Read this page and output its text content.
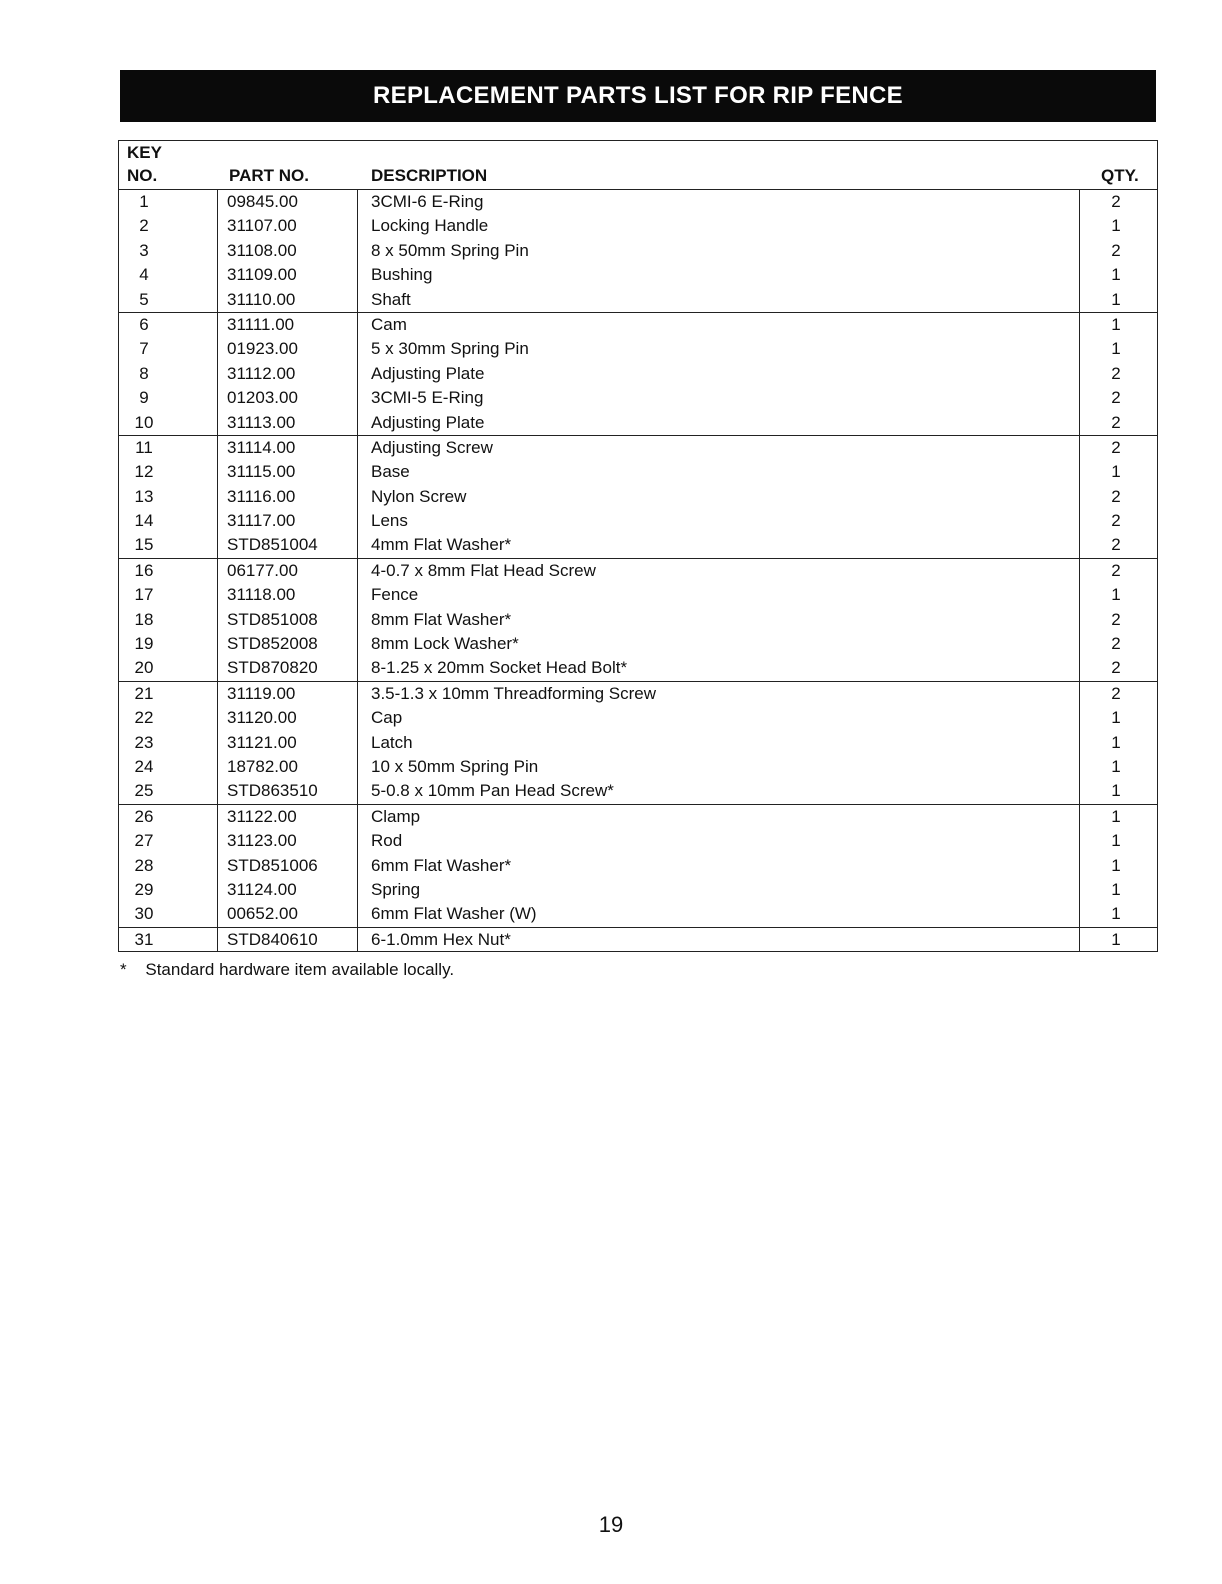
REPLACEMENT PARTS LIST FOR RIP FENCE
KEY
NO.	PART NO.	DESCRIPTION	QTY.
1	09845.00	3CMI-6 E-Ring	2
2	31107.00	Locking Handle	1
3	31108.00	8 x 50mm Spring Pin	2
4	31109.00	Bushing	1
5	31110.00	Shaft	1
6	31111.00	Cam	1
7	01923.00	5 x 30mm Spring Pin	1
8	31112.00	Adjusting Plate	2
9	01203.00	3CMI-5 E-Ring	2
10	31113.00	Adjusting Plate	2
11	31114.00	Adjusting Screw	2
12	31115.00	Base	1
13	31116.00	Nylon Screw	2
14	31117.00	Lens	2
15	STD851004	4mm Flat Washer*	2
16	06177.00	4-0.7 x 8mm Flat Head Screw	2
17	31118.00	Fence	1
18	STD851008	8mm Flat Washer*	2
19	STD852008	8mm Lock Washer*	2
20	STD870820	8-1.25 x 20mm Socket Head Bolt*	2
21	31119.00	3.5-1.3 x 10mm Threadforming Screw	2
22	31120.00	Cap	1
23	31121.00	Latch	1
24	18782.00	10 x 50mm Spring Pin	1
25	STD863510	5-0.8 x 10mm Pan Head Screw*	1
26	31122.00	Clamp	1
27	31123.00	Rod	1
28	STD851006	6mm Flat Washer*	1
29	31124.00	Spring	1
30	00652.00	6mm Flat Washer (W)	1
31	STD840610	6-1.0mm Hex Nut*	1
* Standard hardware item available locally.
19
